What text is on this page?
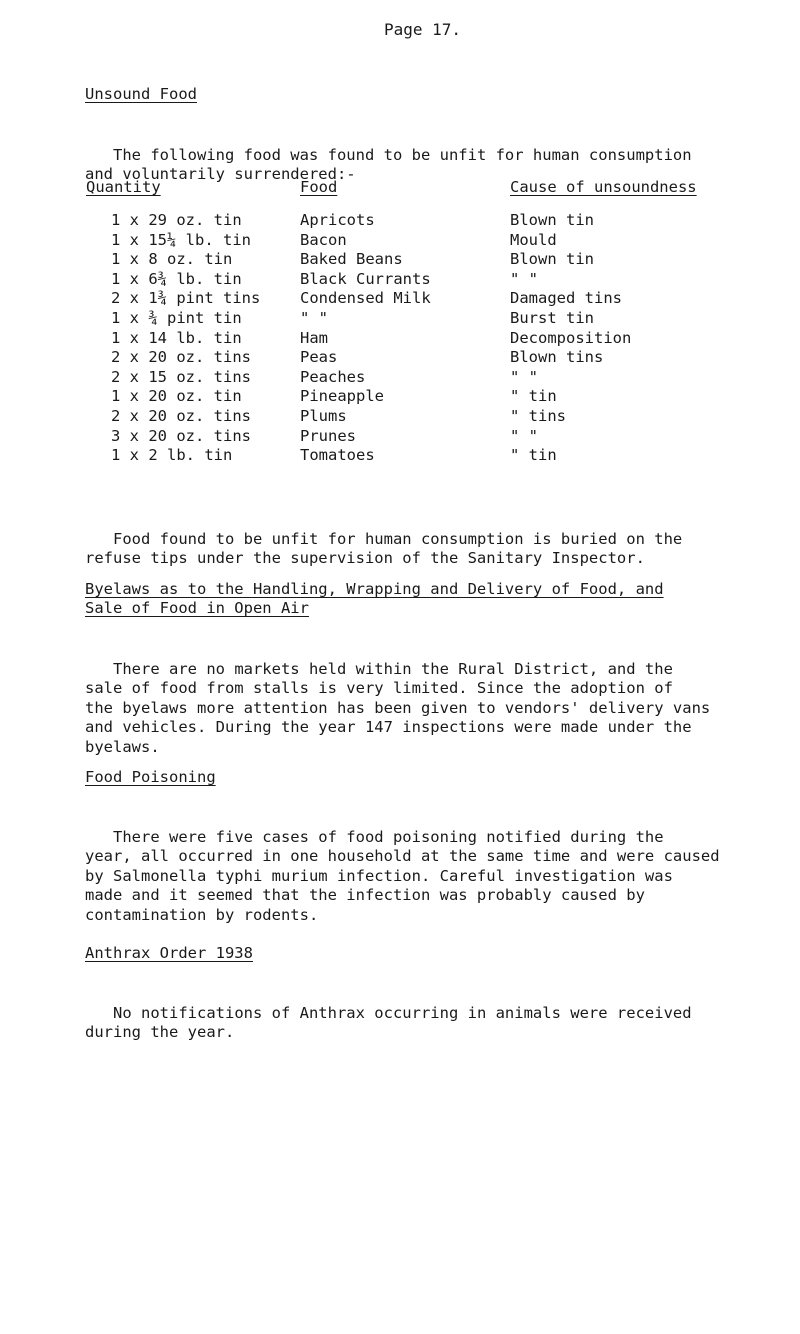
Page 17.
Unsound Food

The following food was found to be unfit for human consumption
and voluntarily surrendered:-

Quantity	Food	Cause of unsoundness
1 x 29 oz. tin	Apricots	Blown tin
1 x 15¼ lb. tin	Bacon	Mould
1 x 8 oz. tin	Baked Beans	Blown tin
1 x 6¾ lb. tin	Black Currants	" "
2 x 1¾ pint tins	Condensed Milk	Damaged tins
1 x ¾ pint tin	" "	Burst tin
1 x 14 lb. tin	Ham	Decomposition
2 x 20 oz. tins	Peas	Blown tins
2 x 15 oz. tins	Peaches	" "
1 x 20 oz. tin	Pineapple	" tin
2 x 20 oz. tins	Plums	" tins
3 x 20 oz. tins	Prunes	" "
1 x 2 lb. tin	Tomatoes	" tin

Food found to be unfit for human consumption is buried on the
refuse tips under the supervision of the Sanitary Inspector.

Byelaws as to the Handling, Wrapping and Delivery of Food, and
Sale of Food in Open Air

There are no markets held within the Rural District, and the
sale of food from stalls is very limited. Since the adoption of
the byelaws more attention has been given to vendors' delivery vans
and vehicles. During the year 147 inspections were made under the
byelaws.

Food Poisoning

There were five cases of food poisoning notified during the
year, all occurred in one household at the same time and were caused
by Salmonella typhi murium infection. Careful investigation was
made and it seemed that the infection was probably caused by
contamination by rodents.

Anthrax Order 1938

No notifications of Anthrax occurring in animals were received
during the year.
